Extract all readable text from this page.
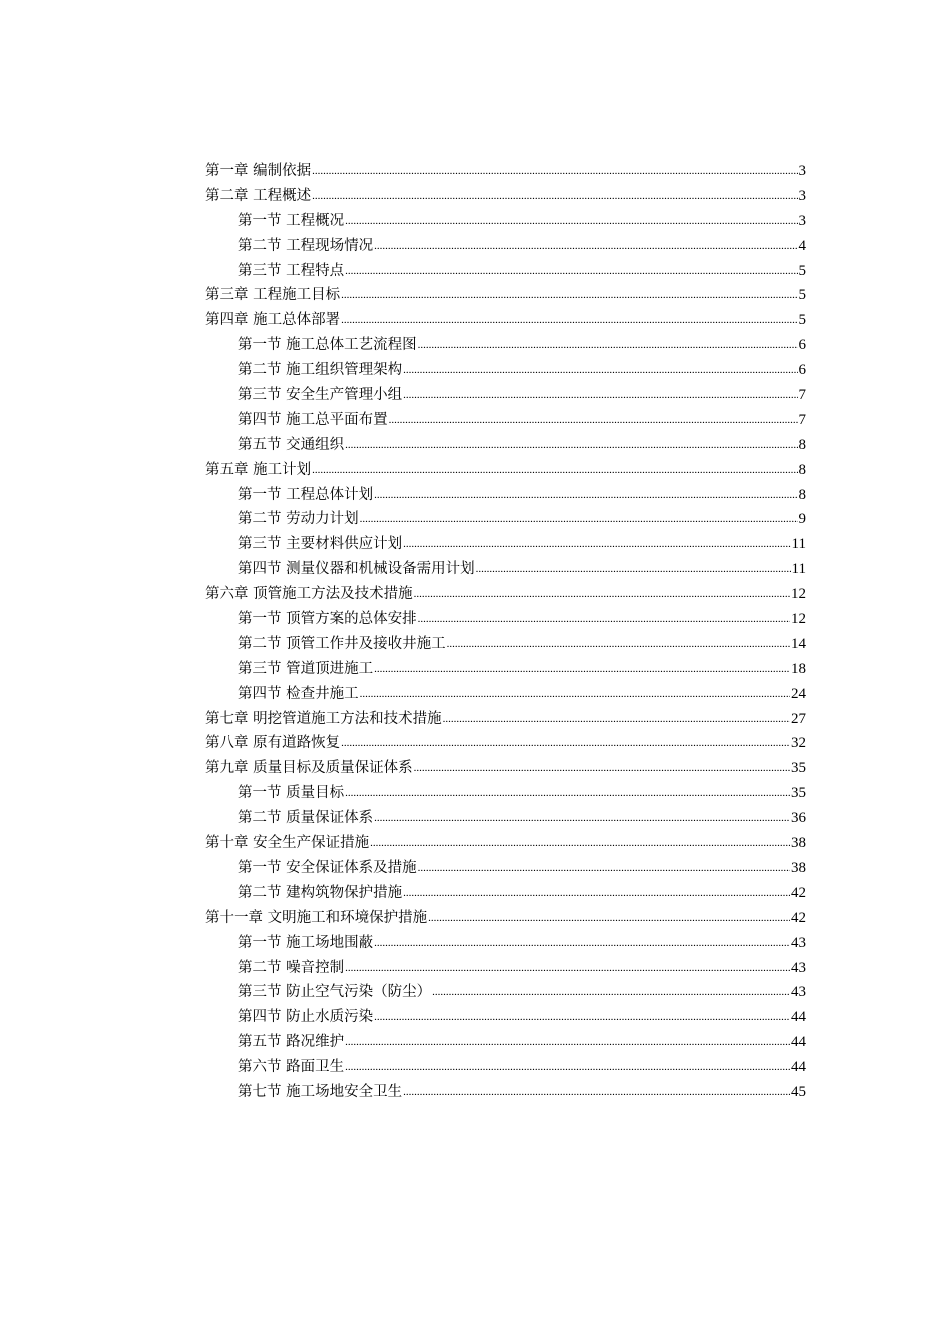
第一章 编制依据 .....	3
第二章 工程概述 .....	3
第一节 工程概况 .....	3
第二节 工程现场情况 .....	4
第三节 工程特点 .....	5
第三章 工程施工目标 .....	5
第四章 施工总体部署 .....	5
第一节 施工总体工艺流程图 .....	6
第二节 施工组织管理架构 .....	6
第三节 安全生产管理小组 .....	7
第四节 施工总平面布置 .....	7
第五节 交通组织 .....	8
第五章 施工计划 .....	8
第一节 工程总体计划 .....	8
第二节 劳动力计划 .....	9
第三节 主要材料供应计划 .....	11
第四节 测量仪器和机械设备需用计划 .....	11
第六章 顶管施工方法及技术措施 .....	12
第一节 顶管方案的总体安排 .....	12
第二节 顶管工作井及接收井施工 .....	14
第三节 管道顶进施工 .....	18
第四节 检查井施工 .....	24
第七章 明挖管道施工方法和技术措施 .....	27
第八章 原有道路恢复 .....	32
第九章 质量目标及质量保证体系 .....	35
第一节 质量目标 .....	35
第二节 质量保证体系 .....	36
第十章 安全生产保证措施 .....	38
第一节 安全保证体系及措施 .....	38
第二节 建构筑物保护措施 .....	42
第十一章 文明施工和环境保护措施 .....	42
第一节 施工场地围蔽 .....	43
第二节 噪音控制 .....	43
第三节 防止空气污染（防尘） .....	43
第四节 防止水质污染 .....	44
第五节 路况维护 .....	44
第六节 路面卫生 .....	44
第七节 施工场地安全卫生 .....	45
